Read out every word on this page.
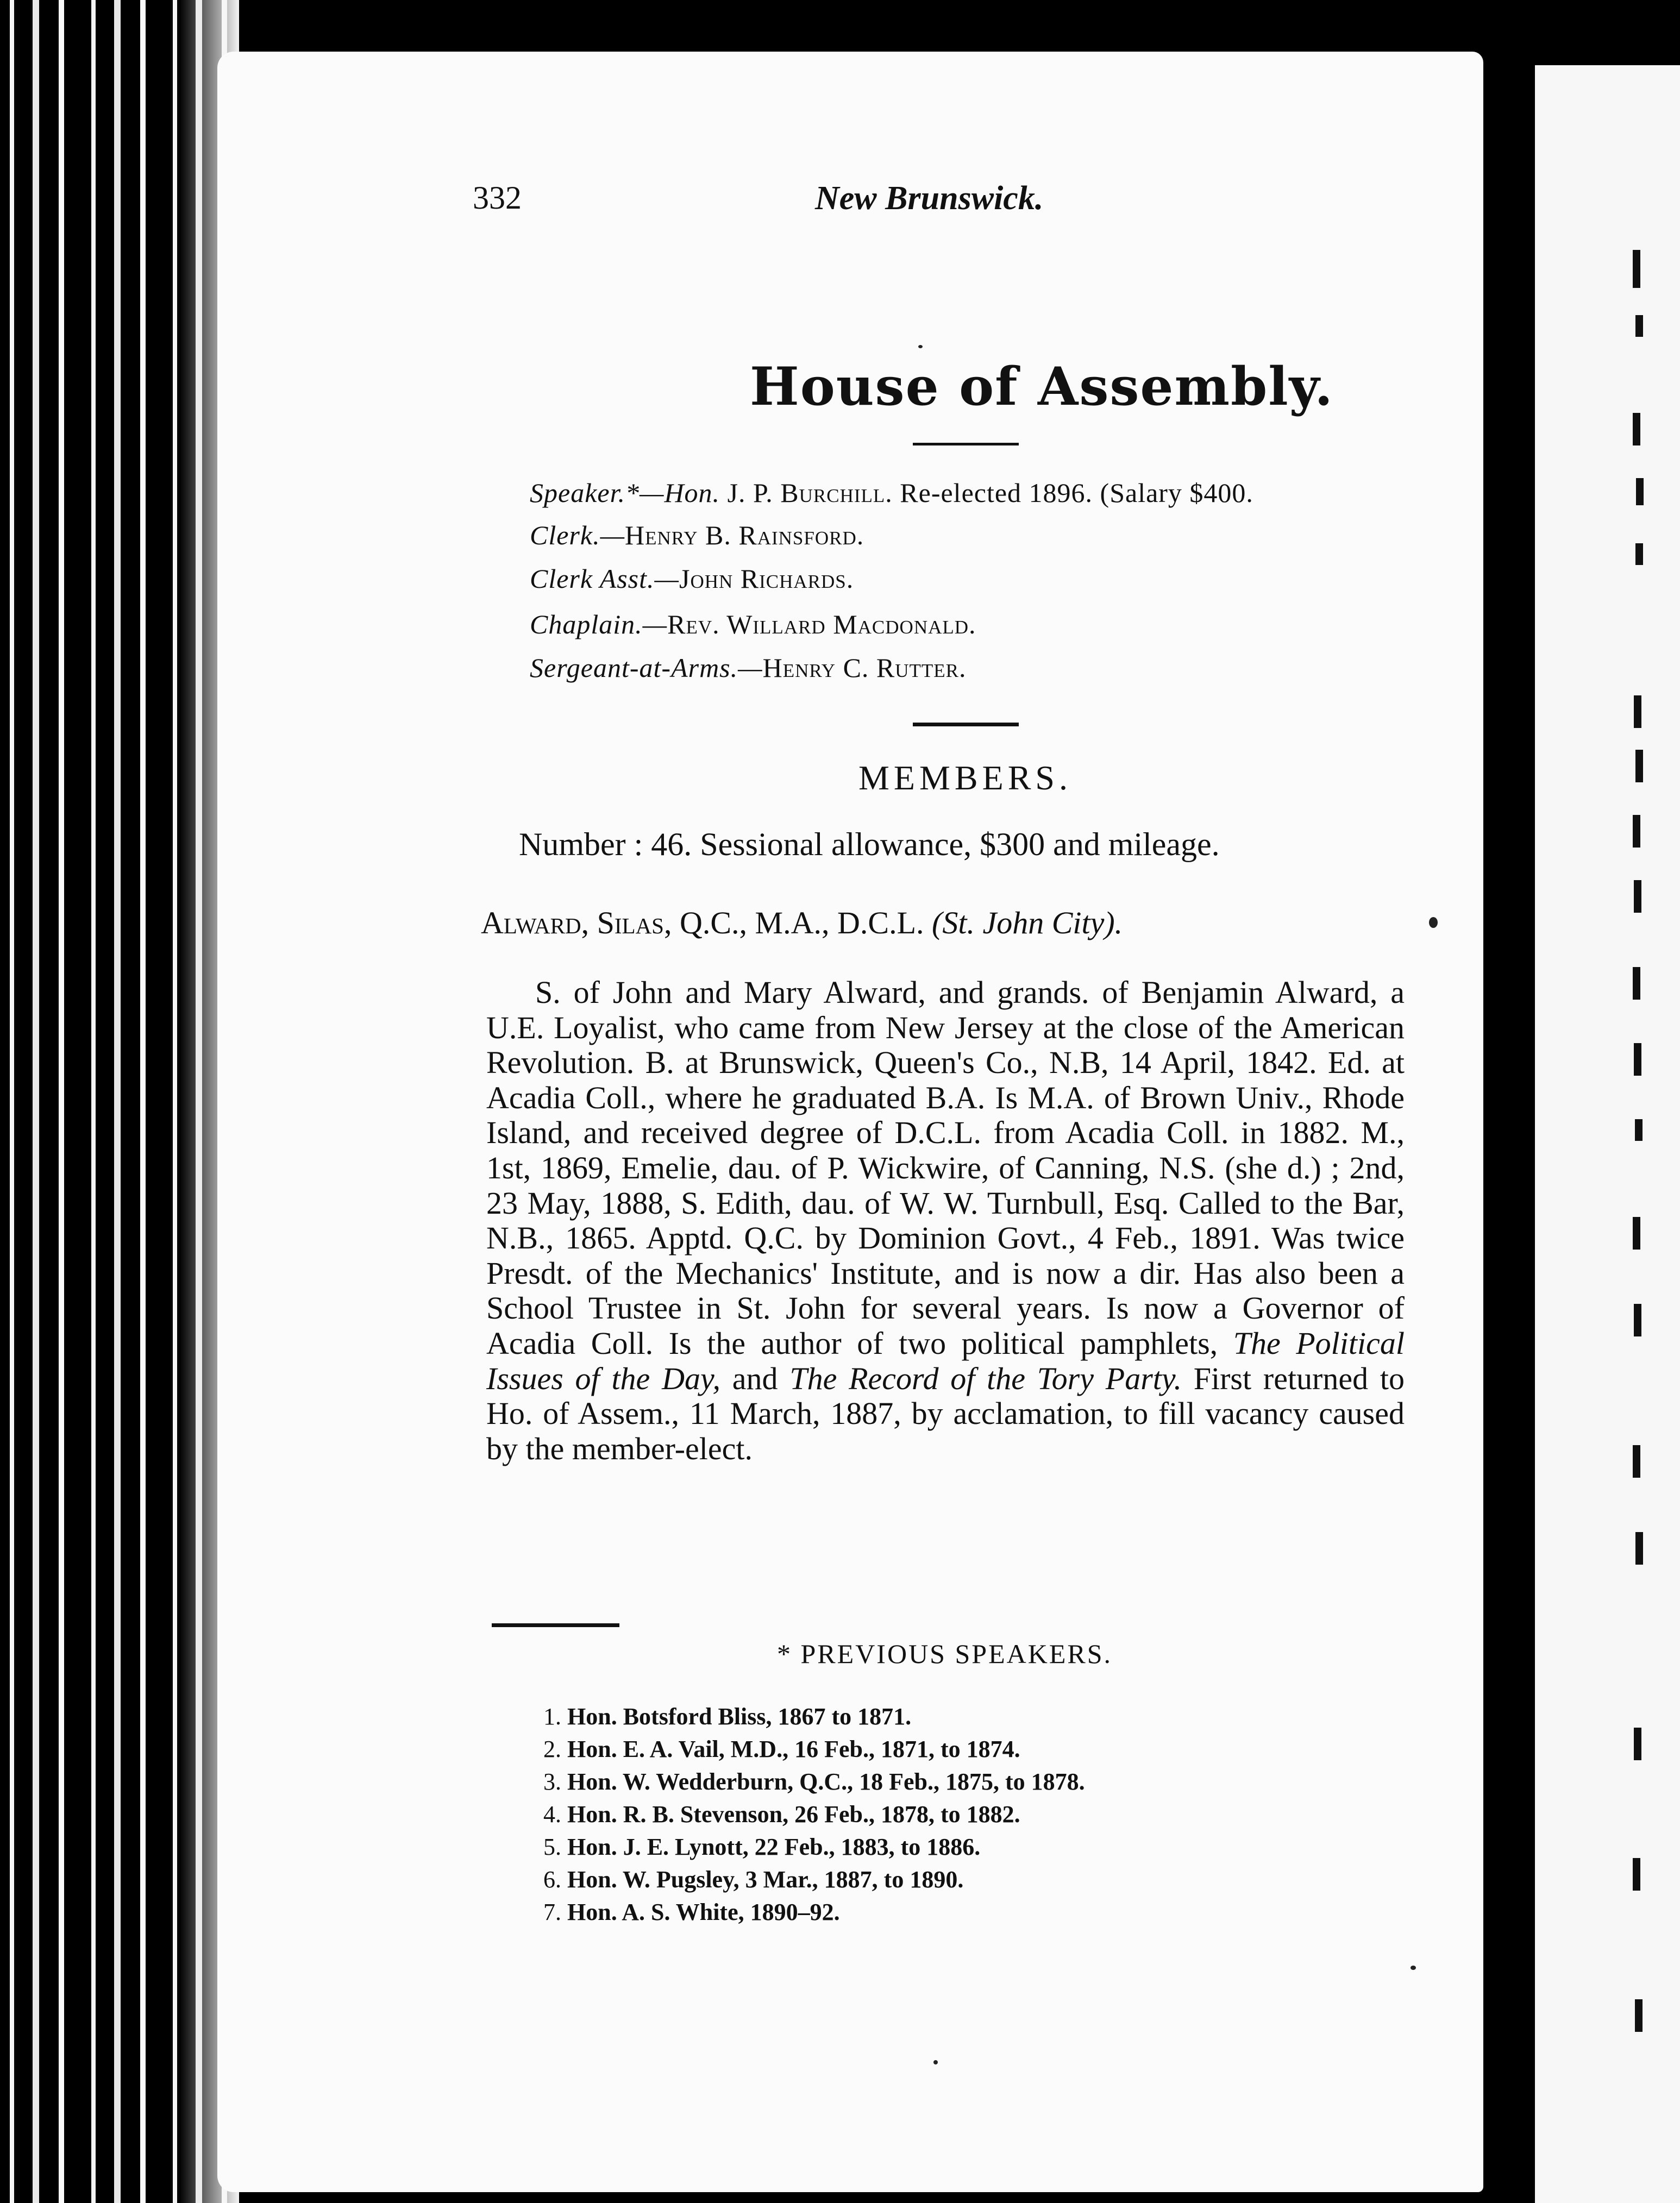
332	New Brunswick.
House of Assembly.
Speaker.*—Hon. J. P. Burchill. Re-elected 1896. (Salary $400.
Clerk.—Henry B. Rainsford.
Clerk Asst.—John Richards.
Chaplain.—Rev. Willard Macdonald.
Sergeant-at-Arms.—Henry C. Rutter.
MEMBERS.
Number : 46. Sessional allowance, $300 and mileage.
Alward, Silas, Q.C., M.A., D.C.L. (St. John City).
S. of John and Mary Alward, and grands. of Benjamin Alward, a U.E. Loyalist, who came from New Jersey at the close of the American Revolution. B. at Brunswick, Queen's Co., N.B, 14 April, 1842. Ed. at Acadia Coll., where he graduated B.A. Is M.A. of Brown Univ., Rhode Island, and received degree of D.C.L. from Acadia Coll. in 1882. M., 1st, 1869, Emelie, dau. of P. Wickwire, of Canning, N.S. (she d.) ; 2nd, 23 May, 1888, S. Edith, dau. of W. W. Turnbull, Esq. Called to the Bar, N.B., 1865. Apptd. Q.C. by Dominion Govt., 4 Feb., 1891. Was twice Presdt. of the Mechanics' Institute, and is now a dir. Has also been a School Trustee in St. John for several years. Is now a Governor of Acadia Coll. Is the author of two political pamphlets, The Political Issues of the Day, and The Record of the Tory Party. First returned to Ho. of Assem., 11 March, 1887, by acclamation, to fill vacancy caused by the member-elect.
* PREVIOUS SPEAKERS.
1. Hon. Botsford Bliss, 1867 to 1871.
2. Hon. E. A. Vail, M.D., 16 Feb., 1871, to 1874.
3. Hon. W. Wedderburn, Q.C., 18 Feb., 1875, to 1878.
4. Hon. R. B. Stevenson, 26 Feb., 1878, to 1882.
5. Hon. J. E. Lynott, 22 Feb., 1883, to 1886.
6. Hon. W. Pugsley, 3 Mar., 1887, to 1890.
7. Hon. A. S. White, 1890–92.
